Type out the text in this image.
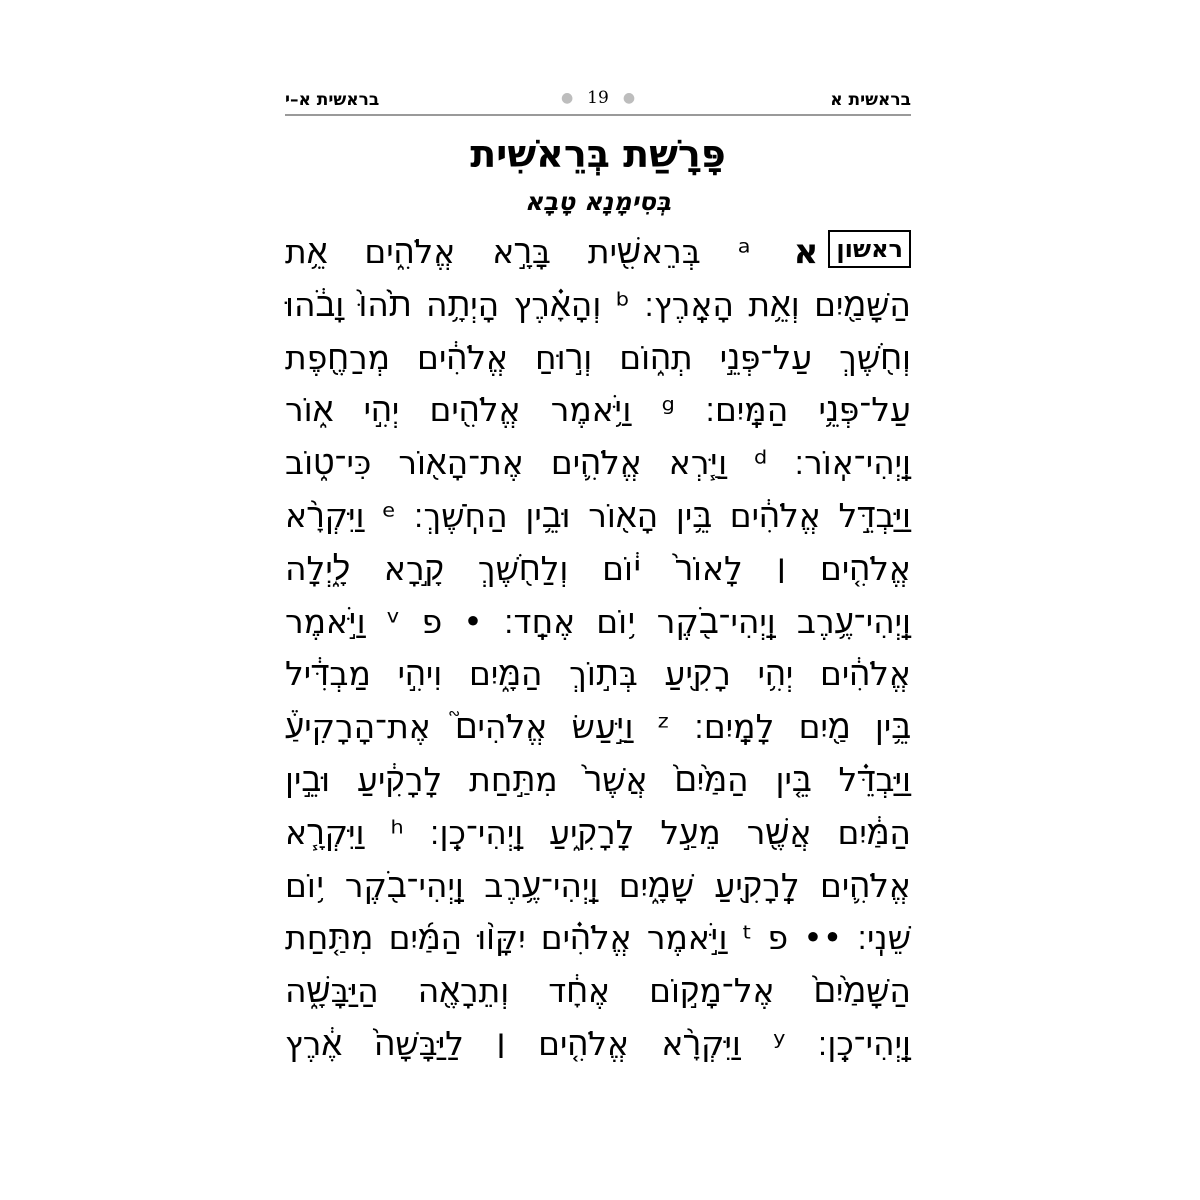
בראשית א
● 19 ●
בראשית א–י
פָּרָשַׁת בְּרֵאשִׁית
בְּסִימָנָא טָבָא
ראשוןא ᵃ בְּרֵאשִׁ֖ית בָּרָ֣א אֱלֹהִ֑ים אֵ֥ת
הַשָּׁמַ֖יִם וְאֵ֥ת הָאָֽרֶץ׃ ᵇ וְהָאָ֗רֶץ הָיְתָ֥ה תֹ֙הוּ֙ וָבֹ֔הוּ
וְחֹ֖שֶׁךְ עַל־פְּנֵ֣י תְה֑וֹם וְר֣וּחַ אֱלֹהִ֔ים מְרַחֶ֖פֶת
עַל־פְּנֵ֥י הַמָּֽיִם׃ ᵍ וַיֹּ֥אמֶר אֱלֹהִ֖ים יְהִ֣י א֑וֹר
וַֽיְהִי־אֽוֹר׃ ᵈ וַיַּ֧רְא אֱלֹהִ֛ים אֶת־הָא֖וֹר כִּי־ט֑וֹב
וַיַּבְדֵּ֣ל אֱלֹהִ֔ים בֵּ֥ין הָא֖וֹר וּבֵ֥ין הַחֹֽשֶׁךְ׃ ᵉ וַיִּקְרָ֨א
אֱלֹהִ֤ים ׀ לָאוֹר֙ י֔וֹם וְלַחֹ֖שֶׁךְ קָ֣רָא לָ֑יְלָה
וַֽיְהִי־עֶ֥רֶב וַֽיְהִי־בֹ֖קֶר י֥וֹם אֶחָֽד׃ • פ ᵛ וַיֹּ֣אמֶר
אֱלֹהִ֔ים יְהִ֥י רָקִ֖יעַ בְּת֣וֹךְ הַמָּ֑יִם וִיהִ֣י מַבְדִּ֔יל
בֵּ֥ין מַ֖יִם לָמָֽיִם׃ ᶻ וַיַּ֣עַשׂ אֱלֹהִים֮ אֶת־הָרָקִיעַ֒
וַיַּבְדֵּ֗ל בֵּ֤ין הַמַּ֙יִם֙ אֲשֶׁר֙ מִתַּ֣חַת לָרָקִ֔יעַ וּבֵ֣ין
הַמַּ֔יִם אֲשֶׁ֖ר מֵעַ֣ל לָרָקִ֑יעַ וַֽיְהִי־כֵֽן׃ ʰ וַיִּקְרָ֧א
אֱלֹהִ֛ים לָֽרָקִ֖יעַ שָׁמָ֑יִם וַֽיְהִי־עֶ֥רֶב וַֽיְהִי־בֹ֖קֶר י֥וֹם
שֵׁנִֽי׃ •• פ ᵗ וַיֹּ֣אמֶר אֱלֹהִ֗ים יִקָּו֨וּ הַמַּ֜יִם מִתַּ֤חַת
הַשָּׁמַ֙יִם֙ אֶל־מָק֣וֹם אֶחָ֔ד וְתֵרָאֶ֖ה הַיַּבָּשָׁ֑ה
וַֽיְהִי־כֵֽן׃ ʸ וַיִּקְרָ֨א אֱלֹהִ֤ים ׀ לַיַּבָּשָׁה֙ אֶ֔רֶץ
